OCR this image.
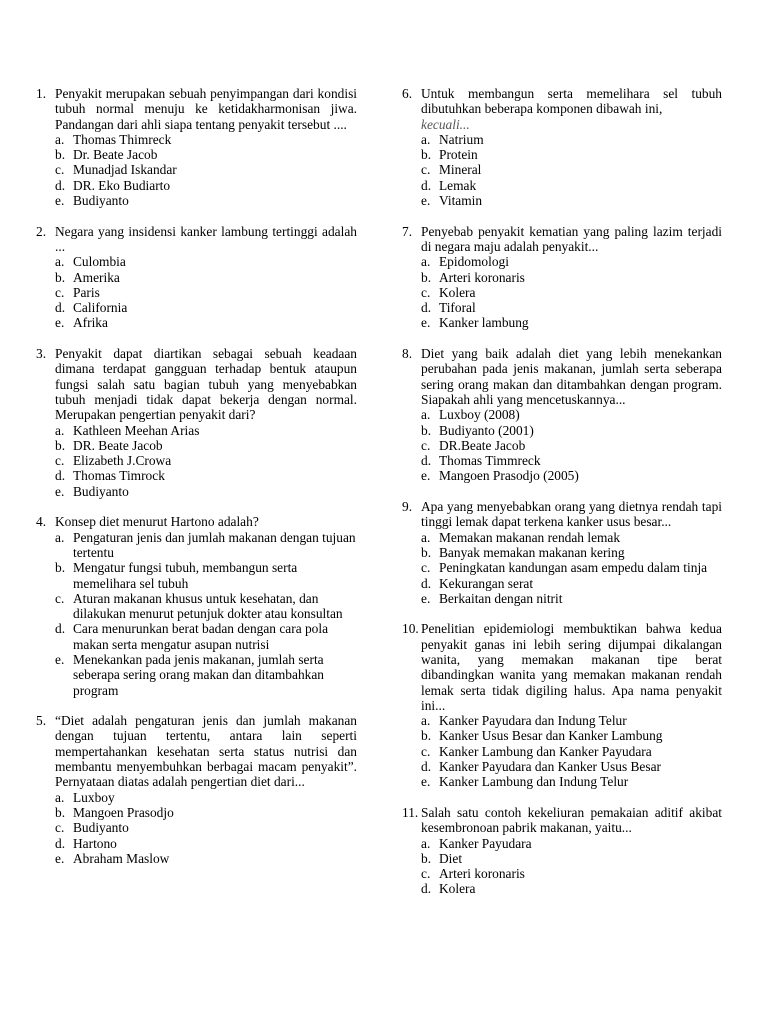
1. Penyakit merupakan sebuah penyimpangan dari kondisi tubuh normal menuju ke ketidakharmonisan jiwa. Pandangan dari ahli siapa tentang penyakit tersebut ....
a. Thomas Thimreck
b. Dr. Beate Jacob
c. Munadjad Iskandar
d. DR. Eko Budiarto
e. Budiyanto
2. Negara yang insidensi kanker lambung tertinggi adalah ...
a. Culombia
b. Amerika
c. Paris
d. California
e. Afrika
3. Penyakit dapat diartikan sebagai sebuah keadaan dimana terdapat gangguan terhadap bentuk ataupun fungsi salah satu bagian tubuh yang menyebabkan tubuh menjadi tidak dapat bekerja dengan normal. Merupakan pengertian penyakit dari?
a. Kathleen Meehan Arias
b. DR. Beate Jacob
c. Elizabeth J.Crowa
d. Thomas Timrock
e. Budiyanto
4. Konsep diet menurut Hartono adalah?
a. Pengaturan jenis dan jumlah makanan dengan tujuan tertentu
b. Mengatur fungsi tubuh, membangun serta memelihara sel tubuh
c. Aturan makanan khusus untuk kesehatan, dan dilakukan menurut petunjuk dokter atau konsultan
d. Cara menurunkan berat badan dengan cara pola makan serta mengatur asupan nutrisi
e. Menekankan pada jenis makanan, jumlah serta seberapa sering orang makan dan ditambahkan program
5. “Diet adalah pengaturan jenis dan jumlah makanan dengan tujuan tertentu, antara lain seperti mempertahankan kesehatan serta status nutrisi dan membantu menyembuhkan berbagai macam penyakit”. Pernyataan diatas adalah pengertian diet dari...
a. Luxboy
b. Mangoen Prasodjo
c. Budiyanto
d. Hartono
e. Abraham Maslow
6. Untuk membangun serta memelihara sel tubuh dibutuhkan beberapa komponen dibawah ini,
kecuali...
a. Natrium
b. Protein
c. Mineral
d. Lemak
e. Vitamin
7. Penyebab penyakit kematian yang paling lazim terjadi di negara maju adalah penyakit...
a. Epidomologi
b. Arteri koronaris
c. Kolera
d. Tiforal
e. Kanker lambung
8. Diet yang baik adalah diet yang lebih menekankan perubahan pada jenis makanan, jumlah serta seberapa sering orang makan dan ditambahkan dengan program. Siapakah ahli yang mencetuskannya...
a. Luxboy (2008)
b. Budiyanto (2001)
c. DR.Beate Jacob
d. Thomas Timmreck
e. Mangoen Prasodjo (2005)
9. Apa yang menyebabkan orang yang dietnya rendah tapi tinggi lemak dapat terkena kanker usus besar...
a. Memakan makanan rendah lemak
b. Banyak memakan makanan kering
c. Peningkatan kandungan asam empedu dalam tinja
d. Kekurangan serat
e. Berkaitan dengan nitrit
10. Penelitian epidemiologi membuktikan bahwa kedua penyakit ganas ini lebih sering dijumpai dikalangan wanita, yang memakan makanan tipe berat dibandingkan wanita yang memakan makanan rendah lemak serta tidak digiling halus. Apa nama penyakit ini...
a. Kanker Payudara dan Indung Telur
b. Kanker Usus Besar dan Kanker Lambung
c. Kanker Lambung dan Kanker Payudara
d. Kanker Payudara dan Kanker Usus Besar
e. Kanker Lambung dan Indung Telur
11. Salah satu contoh kekeliuran pemakaian aditif akibat kesembronoan pabrik makanan, yaitu...
a. Kanker Payudara
b. Diet
c. Arteri koronaris
d. Kolera
